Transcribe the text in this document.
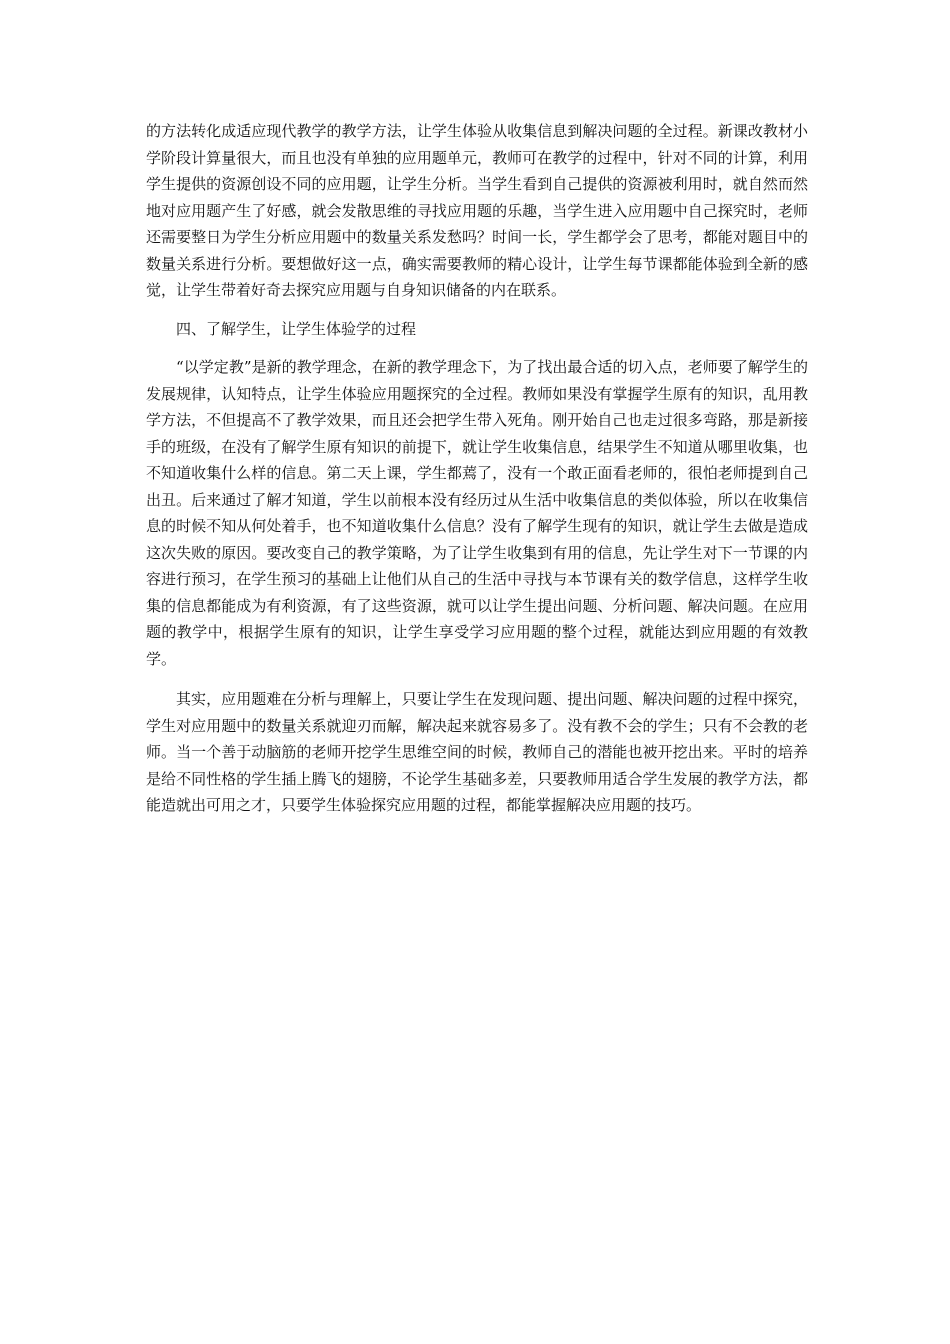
的方法转化成适应现代教学的教学方法，让学生体验从收集信息到解决问题的全过程。新课改教材小学阶段计算量很大，而且也没有单独的应用题单元，教师可在教学的过程中，针对不同的计算，利用学生提供的资源创设不同的应用题，让学生分析。当学生看到自己提供的资源被利用时，就自然而然地对应用题产生了好感，就会发散思维的寻找应用题的乐趣，当学生进入应用题中自己探究时，老师还需要整日为学生分析应用题中的数量关系发愁吗？时间一长，学生都学会了思考，都能对题目中的数量关系进行分析。要想做好这一点，确实需要教师的精心设计，让学生每节课都能体验到全新的感觉，让学生带着好奇去探究应用题与自身知识储备的内在联系。

四、了解学生，让学生体验学的过程

“以学定教”是新的教学理念，在新的教学理念下，为了找出最合适的切入点，老师要了解学生的发展规律，认知特点，让学生体验应用题探究的全过程。教师如果没有掌握学生原有的知识，乱用教学方法，不但提高不了教学效果，而且还会把学生带入死角。刚开始自己也走过很多弯路，那是新接手的班级，在没有了解学生原有知识的前提下，就让学生收集信息，结果学生不知道从哪里收集，也不知道收集什么样的信息。第二天上课，学生都蔫了，没有一个敢正面看老师的，很怕老师提到自己出丑。后来通过了解才知道，学生以前根本没有经历过从生活中收集信息的类似体验，所以在收集信息的时候不知从何处着手，也不知道收集什么信息？没有了解学生现有的知识，就让学生去做是造成这次失败的原因。要改变自己的教学策略，为了让学生收集到有用的信息，先让学生对下一节课的内容进行预习，在学生预习的基础上让他们从自己的生活中寻找与本节课有关的数学信息，这样学生收集的信息都能成为有利资源，有了这些资源，就可以让学生提出问题、分析问题、解决问题。在应用题的教学中，根据学生原有的知识，让学生享受学习应用题的整个过程，就能达到应用题的有效教学。

其实，应用题难在分析与理解上，只要让学生在发现问题、提出问题、解决问题的过程中探究，学生对应用题中的数量关系就迎刃而解，解决起来就容易多了。没有教不会的学生；只有不会教的老师。当一个善于动脑筋的老师开挖学生思维空间的时候，教师自己的潜能也被开挖出来。平时的培养是给不同性格的学生插上腾飞的翅膀，不论学生基础多差，只要教师用适合学生发展的教学方法，都能造就出可用之才，只要学生体验探究应用题的过程，都能掌握解决应用题的技巧。
